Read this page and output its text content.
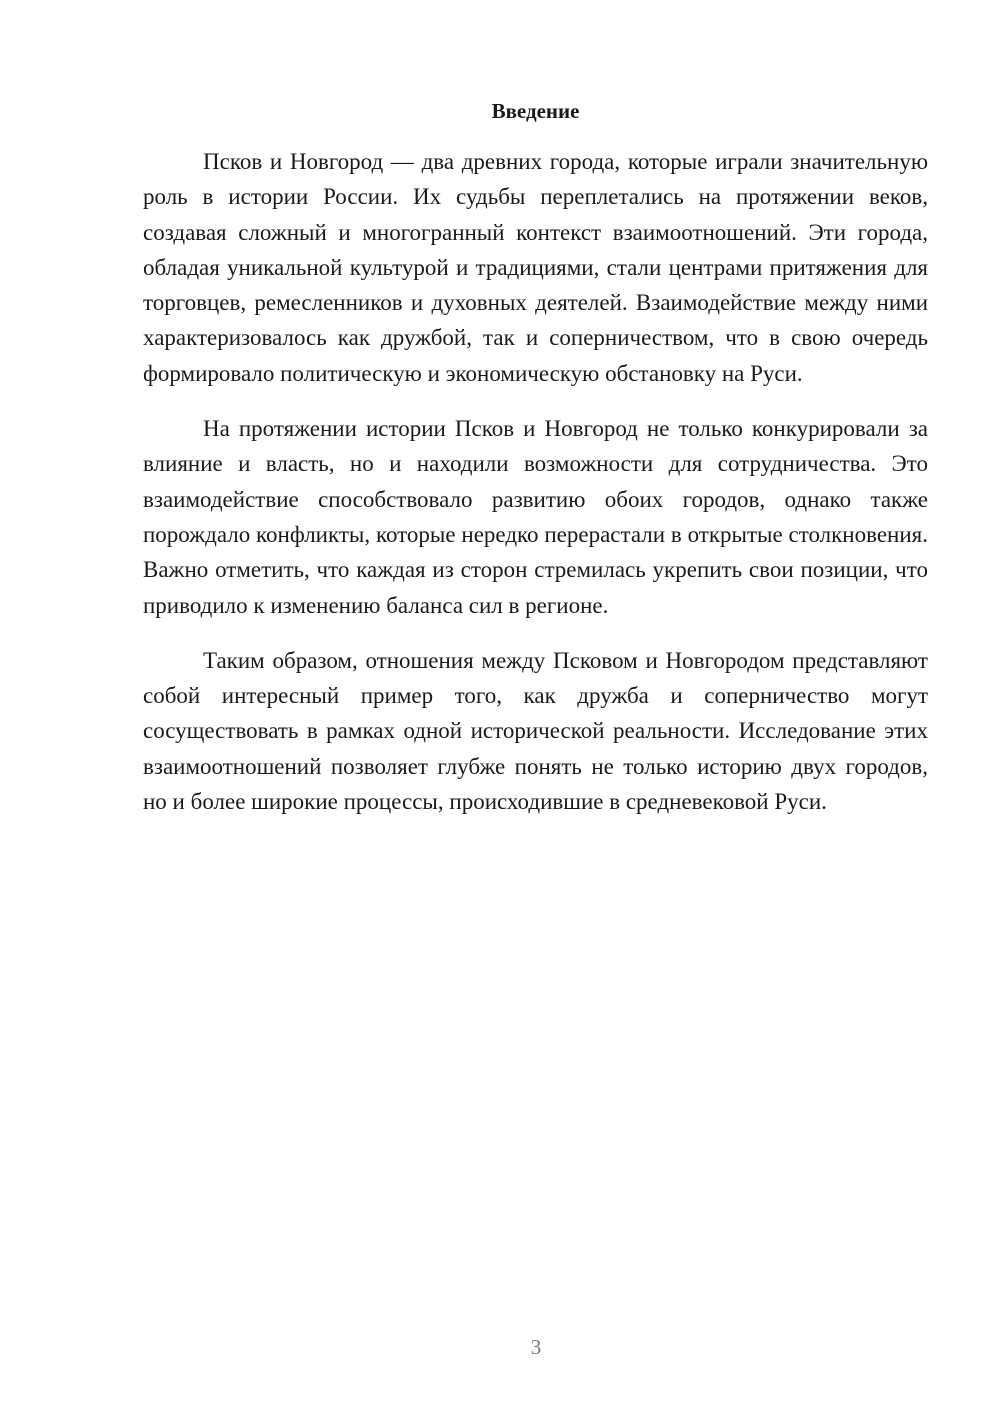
Введение

Псков и Новгород — два древних города, которые играли значительную роль в истории России. Их судьбы переплетались на протяжении веков, создавая сложный и многогранный контекст взаимоотношений. Эти города, обладая уникальной культурой и традициями, стали центрами притяжения для торговцев, ремесленников и духовных деятелей. Взаимодействие между ними характеризовалось как дружбой, так и соперничеством, что в свою очередь формировало политическую и экономическую обстановку на Руси.

На протяжении истории Псков и Новгород не только конкурировали за влияние и власть, но и находили возможности для сотрудничества. Это взаимодействие способствовало развитию обоих городов, однако также порождало конфликты, которые нередко перерастали в открытые столкновения. Важно отметить, что каждая из сторон стремилась укрепить свои позиции, что приводило к изменению баланса сил в регионе.

Таким образом, отношения между Псковом и Новгородом представляют собой интересный пример того, как дружба и соперничество могут сосуществовать в рамках одной исторической реальности. Исследование этих взаимоотношений позволяет глубже понять не только историю двух городов, но и более широкие процессы, происходившие в средневековой Руси.

3
